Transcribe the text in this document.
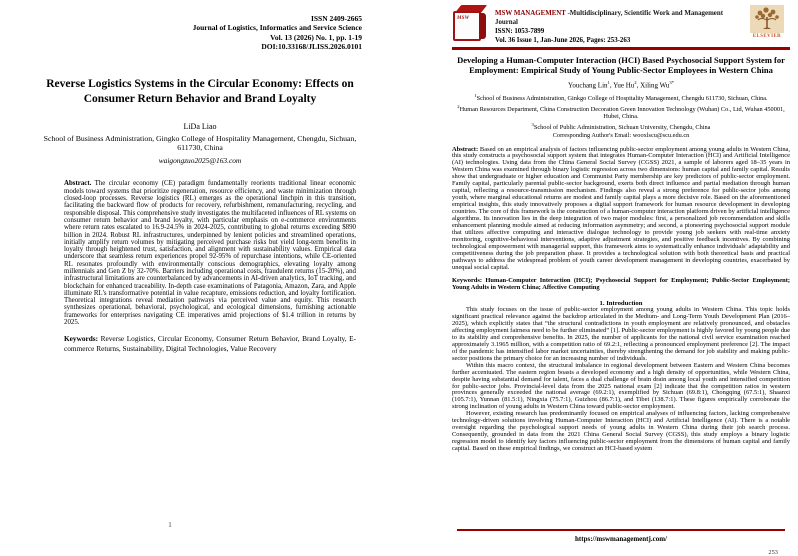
ISSN 2409-2665
Journal of Logistics, Informatics and Service Science
Vol. 13 (2026) No. 1, pp. 1-19
DOI:10.33168/JLISS.2026.0101
Reverse Logistics Systems in the Circular Economy: Effects on Consumer Return Behavior and Brand Loyalty
LiDa Liao
School of Business Administration, Gingko College of Hospitality Management, Chengdu, Sichuan, 611730, China
waigongzuo2025@163.com

Abstract. The circular economy (CE) paradigm fundamentally reorients traditional linear economic models toward systems that prioritize regeneration, resource efficiency, and waste minimization through closed-loop processes. Reverse logistics (RL) emerges as the operational linchpin in this transition, facilitating the backward flow of products for recovery, refurbishment, remanufacturing, recycling, and responsible disposal. This comprehensive study investigates the multifaceted influences of RL systems on consumer return behavior and brand loyalty, with particular emphasis on e-commerce environments where return rates escalated to 16.9-24.5% in 2024-2025, contributing to global returns exceeding $890 billion in 2024. Robust RL infrastructures, underpinned by lenient policies and streamlined operations, initially amplify return volumes by mitigating perceived purchase risks but yield long-term benefits in loyalty through heightened trust, satisfaction, and alignment with sustainability values. Empirical data underscore that seamless return experiences propel 92-95% of repurchase intentions, while CE-oriented RL resonates profoundly with environmentally conscious demographics, elevating loyalty among millennials and Gen Z by 32-70%. Barriers including operational costs, fraudulent returns (15-20%), and infrastructural limitations are counterbalanced by advancements in AI-driven analytics, IoT tracking, and blockchain for enhanced traceability. In-depth case examinations of Patagonia, Amazon, Zara, and Apple illuminate RL's transformative potential in value recapture, emissions reduction, and loyalty fortification. Theoretical integrations reveal mediation pathways via perceived value and equity. This research synthesizes operational, behavioral, psychological, and ecological dimensions, furnishing actionable frameworks for enterprises navigating CE imperatives amid projections of $1.4 trillion in returns by 2025.

Keywords: Reverse Logistics, Circular Economy, Consumer Return Behavior, Brand Loyalty, E-commerce Returns, Sustainability, Digital Technologies, Value Recovery

1
MSW
MSW MANAGEMENT -Multidisciplinary, Scientific Work and Management Journal
ISSN: 1053-7899
Vol. 36 Issue 1, Jan-June 2026, Pages: 253-263
ELSEVIER
Developing a Human-Computer Interaction (HCI) Based Psychosocial Support System for Employment: Empirical Study of Young Public-Sector Employees in Western China
Youchang Lin$^1$, Yue Hu$^2$, Xiling $Wu^{3*}$
$^1$School of Business Administration, Ginkgo College of Hospitality Management, Chengdu 611730, Sichuan, China.
$^2$Human Resources Department, China Construction Decoration Green Innovation Technology (Wuhan) Co., Ltd, Wuhan 450001, Hubei, China.
$^3$School of Public Administration, Sichuan University, Chengdu, China
Corresponding Author's Email: wooxlscu@scu.edu.cn

Abstract: Based on an empirical analysis of factors influencing public-sector employment among young adults in Western China, this study constructs a psychosocial support system that integrates Human-Computer Interaction (HCI) and Artificial Intelligence (AI) technologies. Using data from the China General Social Survey (CGSS) 2021, a sample of laborers aged 18–35 years in Western China was examined through binary logistic regression across two dimensions: human capital and family capital. Results show that undergraduate or higher education and Communist Party membership are key predictors of public-sector employment. Family capital, particularly parental public-sector background, exerts both direct influence and partial mediation through human capital, reflecting a resource-transmission mechanism. Findings also reveal a strong preference for public-sector jobs among youth, where marginal educational returns are modest and family capital plays a more decisive role. Based on the aforementioned empirical insights, this study innovatively proposes a digital support framework for human resource development in developing countries. The core of this framework is the construction of a human-computer interaction platform driven by artificial intelligence algorithms. Its innovation lies in the deep integration of two major modules: first, a personalized job recommendation and skills enhancement planning module aimed at reducing information asymmetry; and second, a pioneering psychosocial support module that utilizes affective computing and interactive dialogue technology to provide young job seekers with real-time anxiety monitoring, cognitive-behavioral interventions, adaptive adjustment strategies, and positive feedback incentives. By combining technological empowerment with managerial support, this framework aims to systematically enhance individuals' adaptability and competitiveness during the job preparation phase. It provides a technological solution with both theoretical basis and practical pathways to address the widespread problem of youth career development management in developing countries, exacerbated by unequal social capital.

Keywords: Human-Computer Interaction (HCI); Psychosocial Support for Employment; Public-Sector Employment; Young Adults in Western China; Affective Computing
1. Introduction

This study focuses on the issue of public-sector employment among young adults in Western China. This topic holds significant practical relevance against the backdrop articulated in the Medium- and Long-Term Youth Development Plan (2016–2025), which explicitly states that “the structural contradictions in youth employment are relatively pronounced, and obstacles affecting employment fairness need to be further eliminated” [1]. Public-sector employment is highly favored by young people due to its stability and comprehensive benefits. In 2025, the number of applicants for the national civil service examination reached approximately 3.1965 million, with a competition ratio of 69.2:1, reflecting a pronounced employment preference [2]. The impact of the pandemic has intensified labor market uncertainties, thereby strengthening the demand for job stability and making public-sector positions the primary choice for an increasing number of individuals.

Within this macro context, the structural imbalance in regional development between Eastern and Western China becomes further accentuated. The eastern region boasts a developed economy and a high density of opportunities, while Western China, despite having substantial demand for talent, faces a dual challenge of brain drain among local youth and intensified competition for public-sector jobs. Provincial-level data from the 2025 national exam [2] indicate that the competition ratios in western provinces generally exceeded the national average (69.2:1), exemplified by Sichuan (69.8:1), Chongqing (67.5:1), Shaanxi (105.7:1), Yunnan (81.5:1), Ningxia (75.7:1), Guizhou (86.7:1), and Tibet (138.7:1). These figures empirically corroborate the strong inclination of young adults in Western China toward public-sector employment.

However, existing research has predominantly focused on empirical analyses of influencing factors, lacking comprehensive technology-driven solutions involving Human-Computer Interaction (HCI) and Artificial Intelligence (AI). There is a notable oversight regarding the psychological support needs of young adults in Western China during their job search process. Consequently, grounded in data from the 2021 China General Social Survey (CGSS), this study employs a binary logistic regression model to identify key factors influencing public-sector employment from the dimensions of human capital and family capital. Based on these empirical findings, we construct an HCI-based system

https://mswmanagementj.com/
253
